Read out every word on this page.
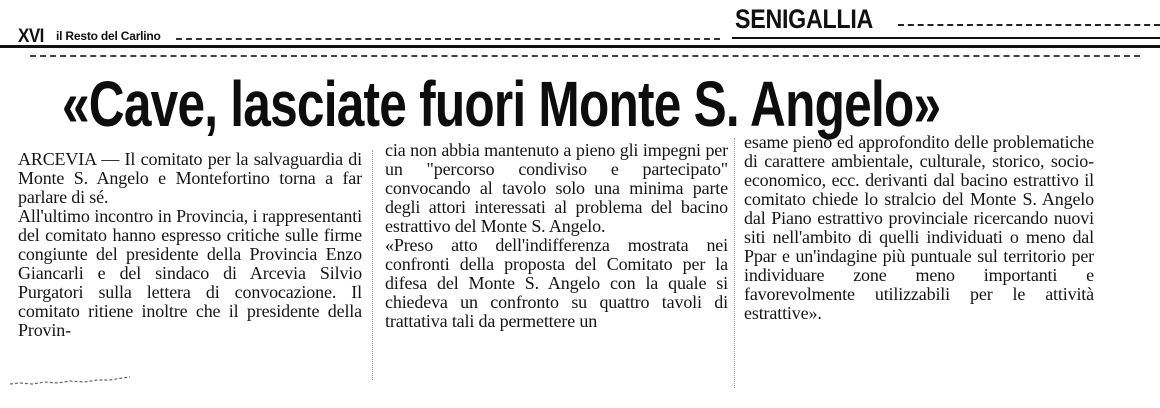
XVI il Resto del Carlino
SENIGALLIA
«Cave, lasciate fuori Monte S. Angelo»

ARCEVIA — Il comitato per la salvaguardia di Monte S. Angelo e Montefortino torna a far parlare di sé.

All'ultimo incontro in Provincia, i rappresentanti del comitato hanno espresso critiche sulle firme congiunte del presidente della Provincia Enzo Giancarli e del sindaco di Arcevia Silvio Purgatori sulla lettera di convocazione. Il comitato ritiene inoltre che il presidente della Provin-

cia non abbia mantenuto a pieno gli impegni per un "percorso condiviso e partecipato" convocando al tavolo solo una minima parte degli attori interessati al problema del bacino estrattivo del Monte S. Angelo.

«Preso atto dell'indifferenza mostrata nei confronti della proposta del Comitato per la difesa del Monte S. Angelo con la quale si chiedeva un confronto su quattro tavoli di trattativa tali da permettere un

esame pieno ed approfondito delle problematiche di carattere ambientale, culturale, storico, socio-economico, ecc. derivanti dal bacino estrattivo il comitato chiede lo stralcio del Monte S. Angelo dal Piano estrattivo provinciale ricercando nuovi siti nell'ambito di quelli individuati o meno dal Ppar e un'indagine più puntuale sul territorio per individuare zone meno importanti e favorevolmente utilizzabili per le attività estrattive».
